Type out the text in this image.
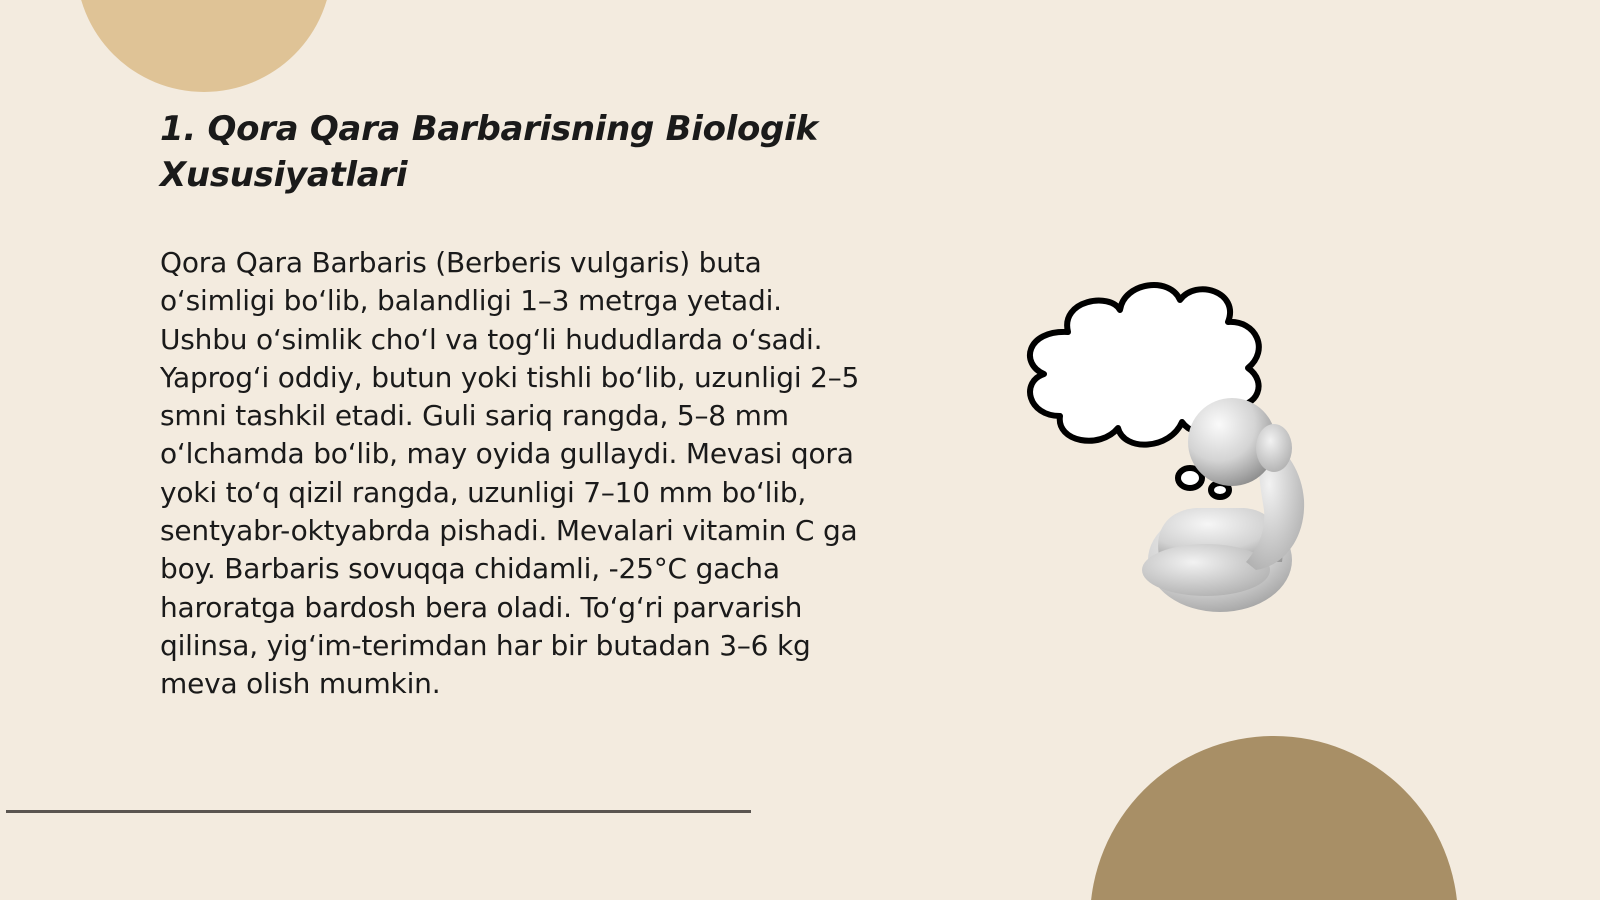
1. Qora Qara Barbarisning Biologik Xususiyatlari

Qora Qara Barbaris (Berberis vulgaris) buta o‘simligi bo‘lib, balandligi 1–3 metrga yetadi. Ushbu o‘simlik cho‘l va tog‘li hududlarda o‘sadi. Yaprog‘i oddiy, butun yoki tishli bo‘lib, uzunligi 2–5 smni tashkil etadi. Guli sariq rangda, 5–8 mm o‘lchamda bo‘lib, may oyida gullaydi. Mevasi qora yoki to‘q qizil rangda, uzunligi 7–10 mm bo‘lib, sentyabr-oktyabrda pishadi. Mevalari vitamin C ga boy. Barbaris sovuqqa chidamli, -25°C gacha haroratga bardosh bera oladi. To‘g‘ri parvarish qilinsa, yig‘im-terimdan har bir butadan 3–6 kg meva olish mumkin.
